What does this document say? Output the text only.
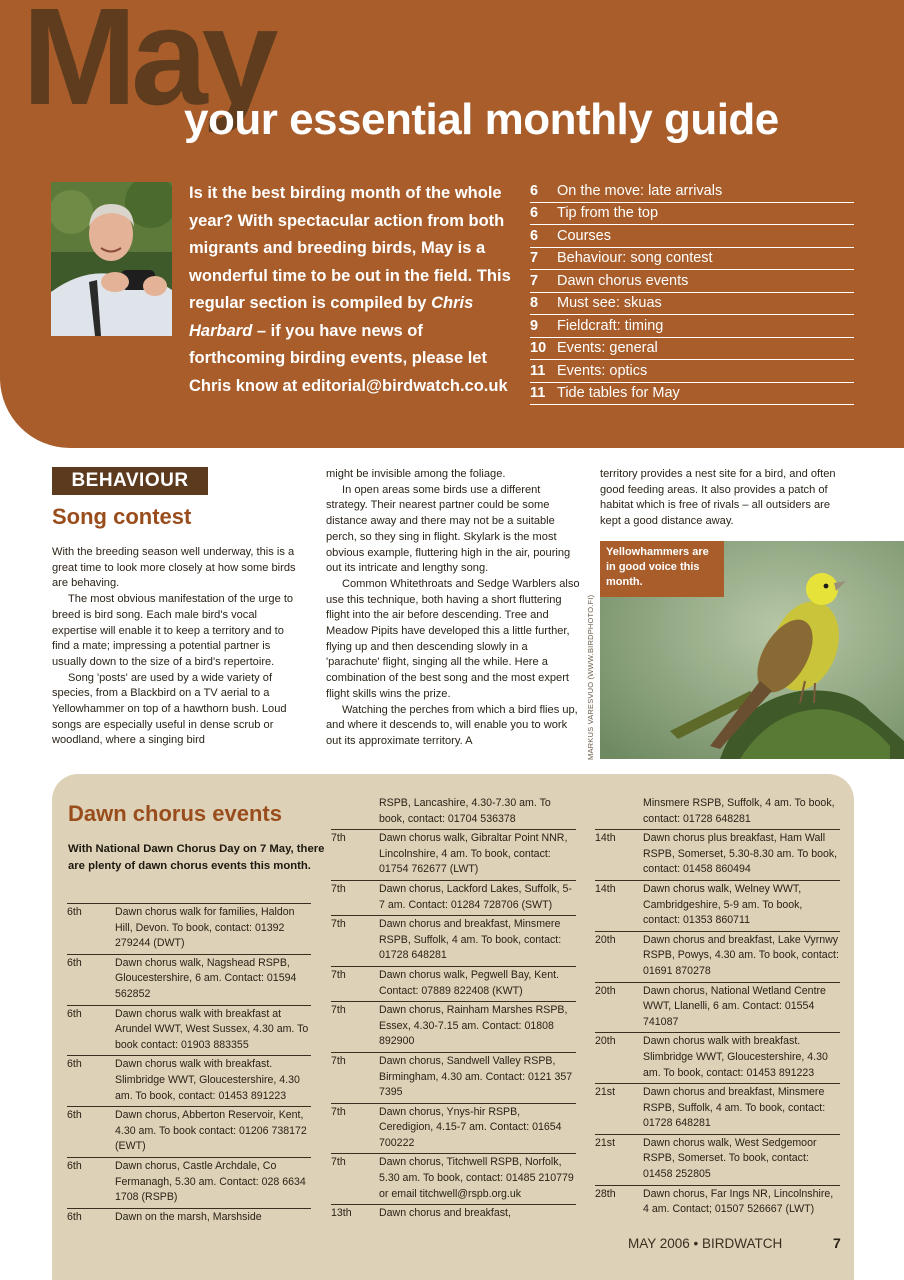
May
your essential monthly guide

Is it the best birding month of the whole year? With spectacular action from both migrants and breeding birds, May is a wonderful time to be out in the field. This regular section is compiled by Chris Harbard – if you have news of forthcoming birding events, please let Chris know at editorial@birdwatch.co.uk

6	On the move: late arrivals
6	Tip from the top
6	Courses
7	Behaviour: song contest
7	Dawn chorus events
8	Must see: skuas
9	Fieldcraft: timing
10 Events: general
11 Events: optics
11 Tide tables for May
BEHAVIOUR
Song contest

With the breeding season well underway, this is a great time to look more closely at how some birds are behaving.

The most obvious manifestation of the urge to breed is bird song. Each male bird's vocal expertise will enable it to keep a territory and to find a mate; impressing a potential partner is usually down to the size of a bird's repertoire.

Song 'posts' are used by a wide variety of species, from a Blackbird on a TV aerial to a Yellowhammer on top of a hawthorn bush. Loud songs are especially useful in dense scrub or woodland, where a singing bird

might be invisible among the foliage.

In open areas some birds use a different strategy. Their nearest partner could be some distance away and there may not be a suitable perch, so they sing in flight. Skylark is the most obvious example, fluttering high in the air, pouring out its intricate and lengthy song.

Common Whitethroats and Sedge Warblers also use this technique, both having a short fluttering flight into the air before descending. Tree and Meadow Pipits have developed this a little further, flying up and then descending slowly in a 'parachute' flight, singing all the while. Here a combination of the best song and the most expert flight skills wins the prize.

Watching the perches from which a bird flies up, and where it descends to, will enable you to work out its approximate territory. A

territory provides a nest site for a bird, and often good feeding areas. It also provides a patch of habitat which is free of rivals – all outsiders are kept a good distance away.

Yellowhammers are in good voice this month.
MARKUS VARESVUO (WWW.BIRDPHOTO.FI)
Dawn chorus events

With National Dawn Chorus Day on 7 May, there are plenty of dawn chorus events this month.

6th	Dawn chorus walk for families, Haldon Hill, Devon. To book, contact: 01392 279244 (DWT)
6th	Dawn chorus walk, Nagshead RSPB, Gloucestershire, 6 am. Contact: 01594 562852
6th	Dawn chorus walk with breakfast at Arundel WWT, West Sussex, 4.30 am. To book contact: 01903 883355
6th	Dawn chorus walk with breakfast. Slimbridge WWT, Gloucestershire, 4.30 am. To book, contact: 01453 891223
6th	Dawn chorus, Abberton Reservoir, Kent, 4.30 am. To book contact: 01206 738172 (EWT)
6th	Dawn chorus, Castle Archdale, Co Fermanagh, 5.30 am. Contact: 028 6634 1708 (RSPB)
6th	Dawn on the marsh, Marshside
RSPB, Lancashire, 4.30-7.30 am. To book, contact: 01704 536378
7th	Dawn chorus walk, Gibraltar Point NNR, Lincolnshire, 4 am. To book, contact: 01754 762677 (LWT)
7th	Dawn chorus, Lackford Lakes, Suffolk, 5-7 am. Contact: 01284 728706 (SWT)
7th	Dawn chorus and breakfast, Minsmere RSPB, Suffolk, 4 am. To book, contact: 01728 648281
7th	Dawn chorus walk, Pegwell Bay, Kent. Contact: 07889 822408 (KWT)
7th	Dawn chorus, Rainham Marshes RSPB, Essex, 4.30-7.15 am. Contact: 01808 892900
7th	Dawn chorus, Sandwell Valley RSPB, Birmingham, 4.30 am. Contact: 0121 357 7395
7th	Dawn chorus, Ynys-hir RSPB, Ceredigion, 4.15-7 am. Contact: 01654 700222
7th	Dawn chorus, Titchwell RSPB, Norfolk, 5.30 am. To book, contact: 01485 210779 or email titchwell@rspb.org.uk
13th	Dawn chorus and breakfast,
Minsmere RSPB, Suffolk, 4 am. To book, contact: 01728 648281
14th	Dawn chorus plus breakfast, Ham Wall RSPB, Somerset, 5.30-8.30 am. To book, contact: 01458 860494
14th	Dawn chorus walk, Welney WWT, Cambridgeshire, 5-9 am. To book, contact: 01353 860711
20th	Dawn chorus and breakfast, Lake Vyrnwy RSPB, Powys, 4.30 am. To book, contact: 01691 870278
20th	Dawn chorus, National Wetland Centre WWT, Llanelli, 6 am. Contact: 01554 741087
20th	Dawn chorus walk with breakfast. Slimbridge WWT, Gloucestershire, 4.30 am. To book, contact: 01453 891223
21st	Dawn chorus and breakfast, Minsmere RSPB, Suffolk, 4 am. To book, contact: 01728 648281
21st	Dawn chorus walk, West Sedgemoor RSPB, Somerset. To book, contact: 01458 252805
28th	Dawn chorus, Far Ings NR, Lincolnshire, 4 am. Contact; 01507 526667 (LWT)
MAY 2006 • BIRDWATCH	7
